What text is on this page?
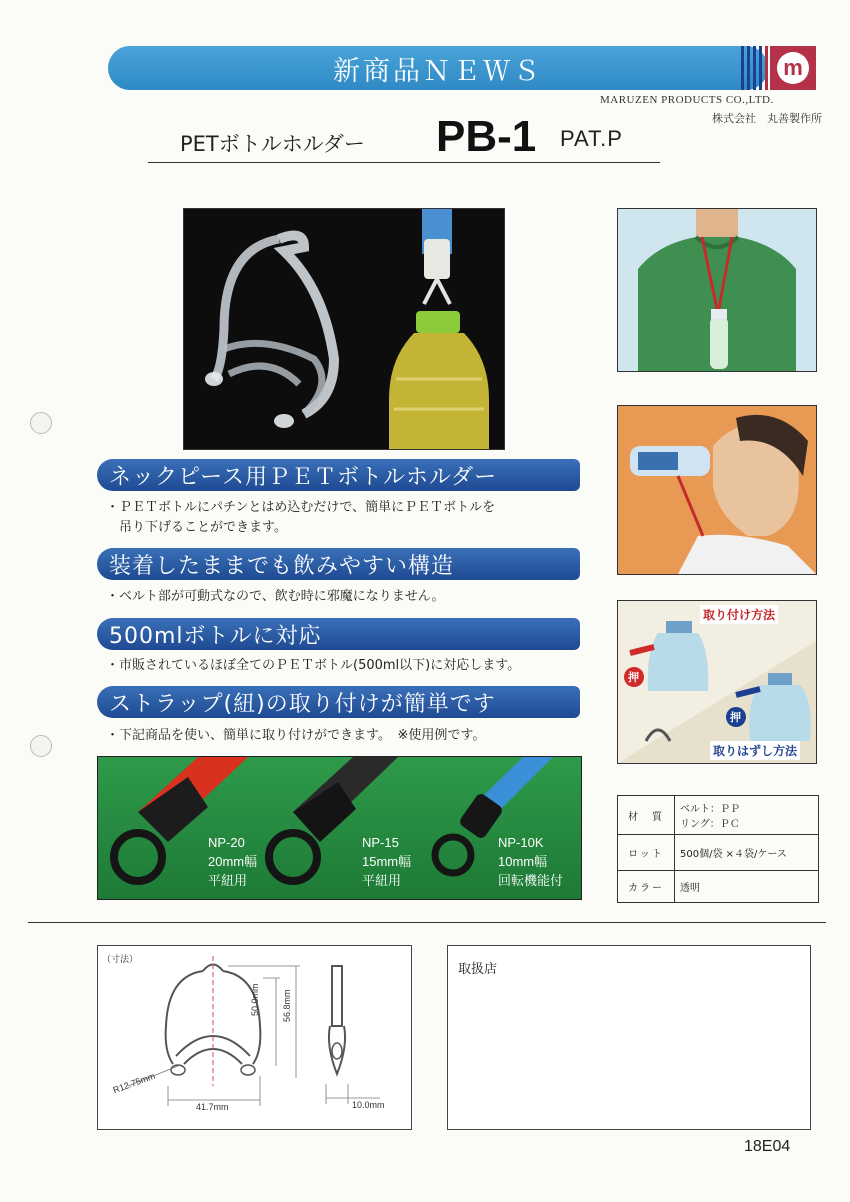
新商品ＮＥＷＳ	m
MARUZEN PRODUCTS CO.,LTD.
株式会社　丸善製作所
PETボトルホルダー PB-1 PAT.P
取り付け方法
取りはずし方法
押
押
ネックピース用ＰＥＴボトルホルダー
・ＰＥＴボトルにパチンとはめ込むだけで、簡単にＰＥＴボトルを
　吊り下げることができます。
装着したままでも飲みやすい構造
・ベルト部が可動式なので、飲む時に邪魔になりません。
500mlボトルに対応
・市販されているほぼ全てのＰＥＴボトル(500ml以下)に対応します。
ストラップ(紐)の取り付けが簡単です
・下記商品を使い、簡単に取り付けができます。　※使用例です。
NP-20
20mm幅
平紐用
NP-15
15mm幅
平紐用
NP-10K
10mm幅
回転機能付
材　質	ベルト：ＰＰ
リング：ＰＣ

ロット	500個/袋 ×４袋/ケース
カラー	透明
（寸法）
50.0mm 56.8mm
R12.75mm
41.7mm	10.0mm
取扱店
18E04
